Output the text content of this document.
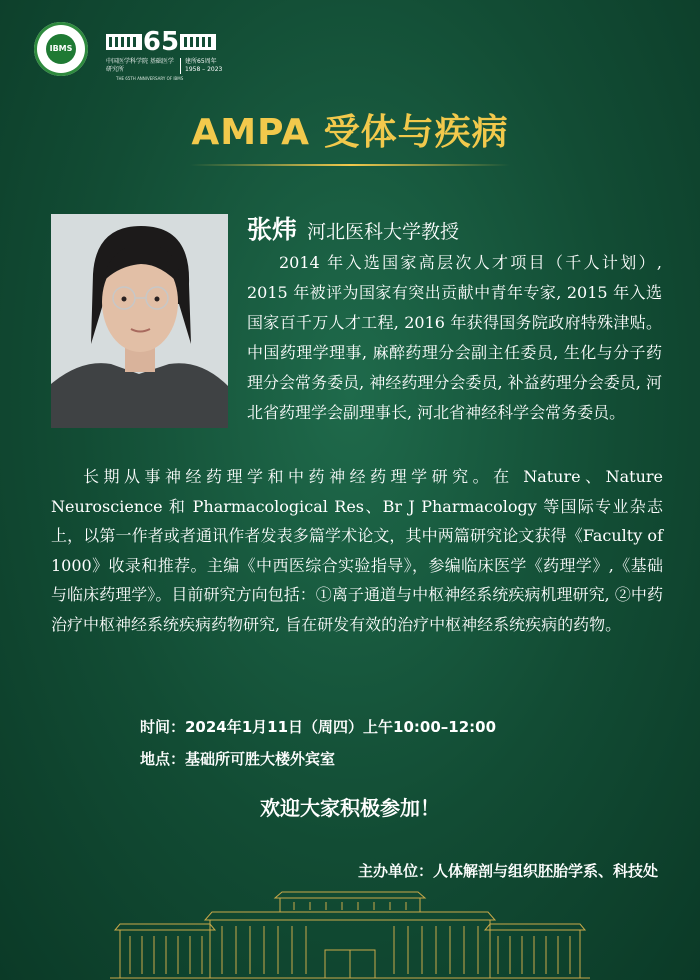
IBMS	65
中国医学科学院 基础医学研究所
建所65周年
1958 – 2023
THE 65TH ANNIVERSARY OF IBMS
AMPA 受体与疾病
张炜 河北医科大学教授
2014 年入选国家高层次人才项目（千人计划）, 2015 年被评为国家有突出贡献中青年专家, 2015 年入选国家百千万人才工程, 2016 年获得国务院政府特殊津贴。中国药理学理事, 麻醉药理分会副主任委员, 生化与分子药理分会常务委员, 神经药理分会委员, 补益药理分会委员, 河北省药理学会副理事长, 河北省神经科学会常务委员。
长期从事神经药理学和中药神经药理学研究。在 Nature、Nature Neuroscience 和 Pharmacological Res、Br J Pharmacology 等国际专业杂志上，以第一作者或者通讯作者发表多篇学术论文，其中两篇研究论文获得《Faculty of 1000》收录和推荐。主编《中西医综合实验指导》，参编临床医学《药理学》,《基础与临床药理学》。目前研究方向包括：①离子通道与中枢神经系统疾病机理研究, ②中药治疗中枢神经系统疾病药物研究, 旨在研发有效的治疗中枢神经系统疾病的药物。
时间：2024年1月11日（周四）上午10:00–12:00
地点：基础所可胜大楼外宾室
欢迎大家积极参加！
主办单位：人体解剖与组织胚胎学系、科技处
